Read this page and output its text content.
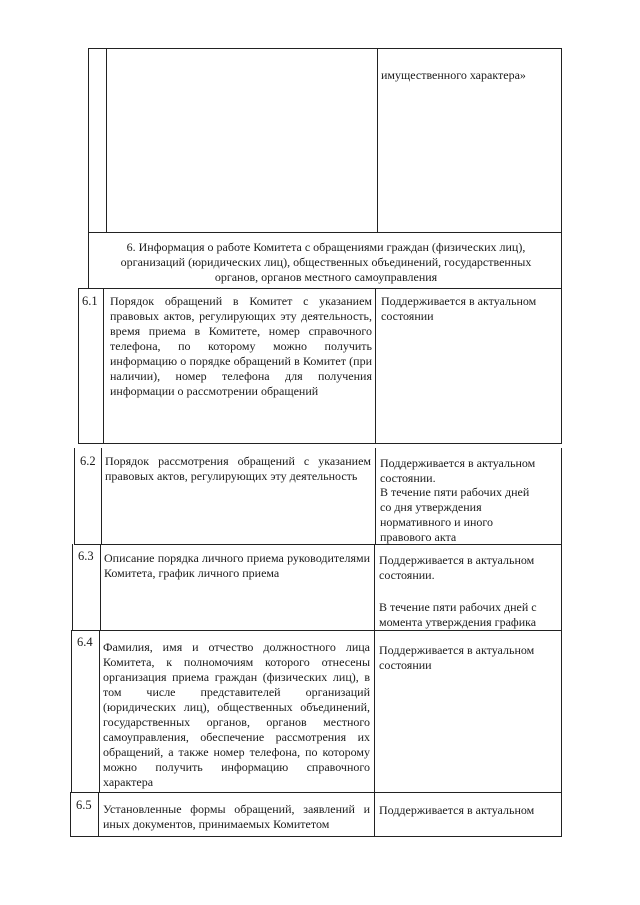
имущественного характера»
6. Информация о работе Комитета с обращениями граждан (физических лиц), организаций (юридических лиц), общественных объединений, государственных органов, органов местного самоуправления
6.1 Порядок обращений в Комитет с указанием правовых актов, регулирующих эту деятельность, время приема в Комитете, номер справочного телефона, по которому можно получить информацию о порядке обращений в Комитет (при наличии), номер телефона для получения информации о рассмотрении обращений
Поддерживается в актуальном состоянии
6.2 Порядок рассмотрения обращений с указанием правовых актов, регулирующих эту деятельность
Поддерживается в актуальном состоянии.
В течение пяти рабочих дней со дня утверждения нормативного и иного правового акта
6.3 Описание порядка личного приема руководителями Комитета, график личного приема
Поддерживается в актуальном состоянии.
В течение пяти рабочих дней с момента утверждения графика
6.4 Фамилия, имя и отчество должностного лица Комитета, к полномочиям которого отнесены организация приема граждан (физических лиц), в том числе представителей организаций (юридических лиц), общественных объединений, государственных органов, органов местного самоуправления, обеспечение рассмотрения их обращений, а также номер телефона, по которому можно получить информацию справочного характера
Поддерживается в актуальном состоянии
6.5 Установленные формы обращений, заявлений и иных документов, принимаемых Комитетом
Поддерживается в актуальном
